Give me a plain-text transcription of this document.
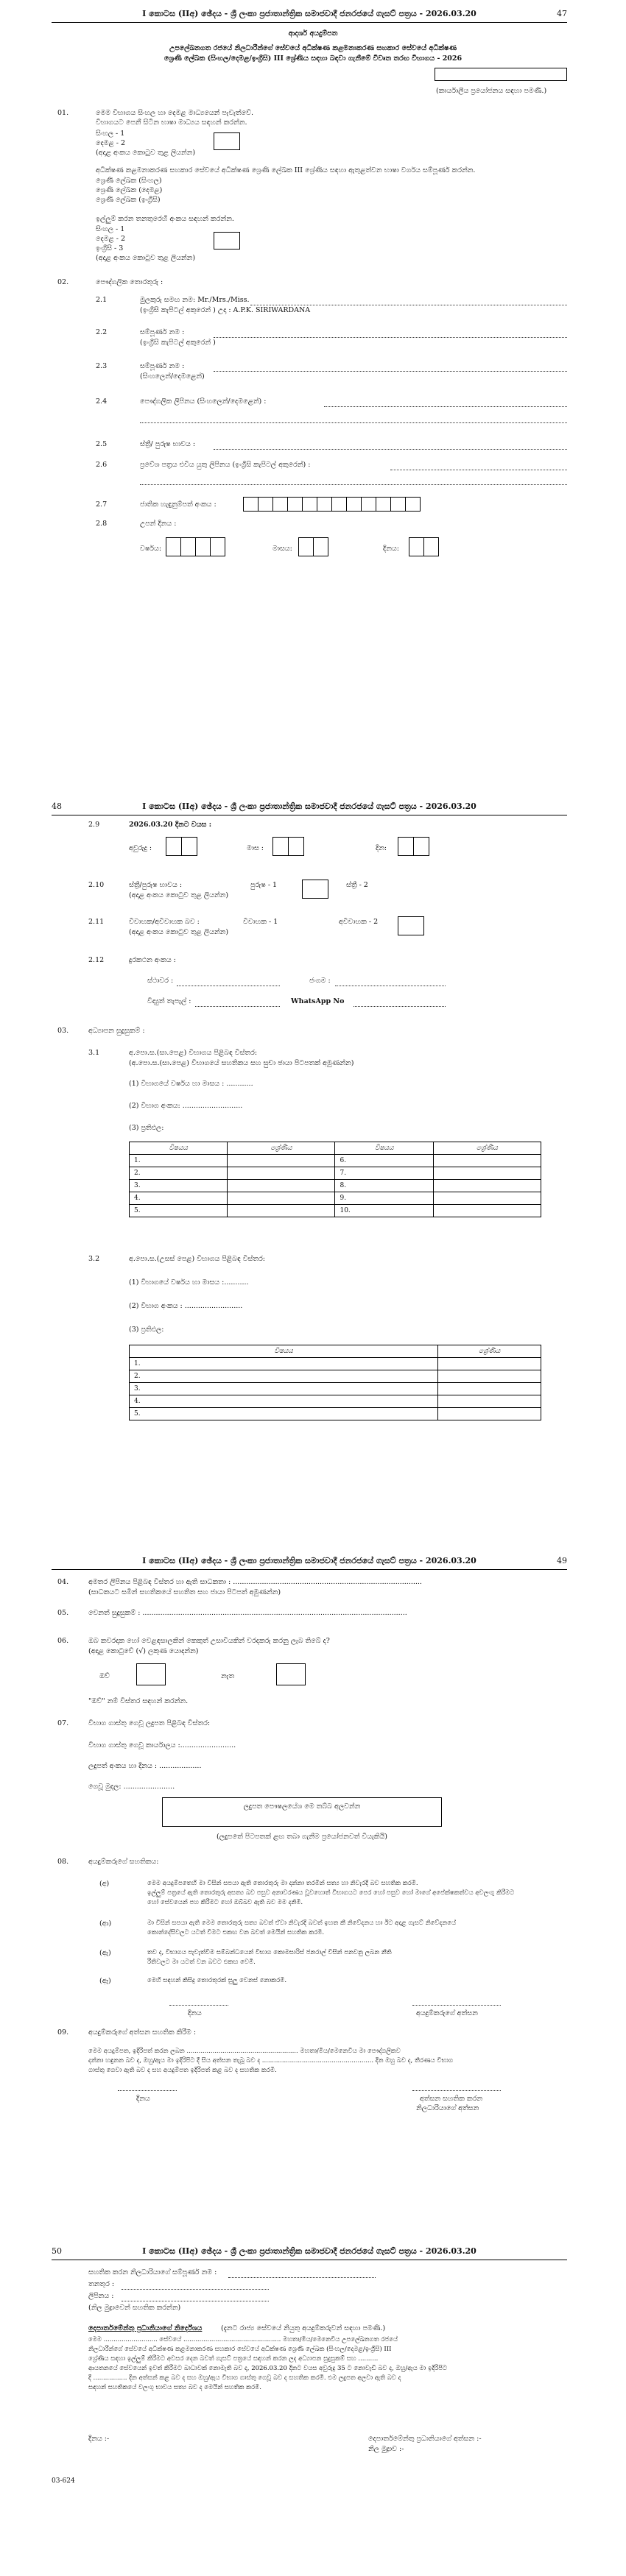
I කොටස (IIඅ) ඡේදය - ශ්‍රී ලංකා ප්‍රජාතාන්ත්‍රික සමාජවාදී ජනරජයේ ගැසට් පත්‍රය - 2026.03.20	47
ආදර්ශ අයදුම්පත
උපලේඛනගත රජයේ නිලධාරීන්ගේ සේවයේ අධීක්ෂණ කළමනාකරණ සහකාර සේවයේ අධීක්ෂණ
ශ්‍රෙණි ලේඛක (සිංහල/දෙමළ/ඉංග්‍රීසි) III ශ්‍රේණිය සඳහා බඳවා ගැනීමේ විවෘත තරඟ විභාගය - 2026
(කාර්යාලීය ප්‍රයෝජනය සඳහා පමණි.)
01.	මෙම විභාගය සිංහල හා දෙමළ මාධ්‍යයෙන් පැවැත්වේ.
විභාගයට පෙනී සිටින භාෂා මාධ්‍යය සඳහන් කරන්න.
සිංහල - 1
දෙමළ - 2
(අදාළ අංකය කොටුව තුළ ලියන්න)
අධීක්ෂණ කළමනාකරණ සහකාර සේවයේ අධීක්ෂණ ශ්‍රෙණි ලේඛක III ශ්‍රේණිය සඳහා ඇතුළත්වන භාෂා වර්ගය සම්පූර්ණ කරන්න.
ශ්‍රෙණි ලේඛක (සිංහල)
ශ්‍රෙණි ලේඛක (දෙමළ)
ශ්‍රෙණි ලේඛක (ඉංග්‍රීසි)
ඉල්ලුම් කරන තනතුරෙහි අංකය සඳහන් කරන්න.
සිංහල - 1
දෙමළ - 2
ඉංග්‍රීසි - 3
(අදාළ අංකය කොටුව තුළ ලියන්න)
02.	පෞද්ගලික තොරතුරු :
2.1	මුලකුරු සමඟ නම: Mr./Mrs./Miss.
(ඉංග්‍රීසි කැපිටල් අකුරෙන් ) උදා : A.P.K. SIRIWARDANA
2.2	සම්පූර්ණ නම :
(ඉංග්‍රීසි කැපිටල් අකුරෙන් )
2.3	සම්පූර්ණ නම :
(සිංහලෙන්/දෙමළෙන්)
2.4	පෞද්ගලික ලිපිනය (සිංහලෙන්/දෙමළෙන්) :
2.5	ස්ත්‍රී/ පුරුෂ භාවය :
2.6	ප්‍රවේශ පත්‍රය එවිය යුතු ලිපිනය (ඉංග්‍රීසි කැපිටල් අකුරෙන්) :
2.7	ජාතික හැඳුනුම්පත් අංකය :
2.8	උපන් දිනය :
වර්ෂය:	මාසය:	දිනය:
48	I කොටස (IIඅ) ඡේදය - ශ්‍රී ලංකා ප්‍රජාතාන්ත්‍රික සමාජවාදී ජනරජයේ ගැසට් පත්‍රය - 2026.03.20
2.9	2026.03.20 දිනට වයස :
අවුරුදු :	මාස :	දින:
2.10	ස්ත්‍රී/පුරුෂ භාවය :	පුරුෂ - 1	ස්ත්‍රී - 2
(අදාළ අංකය කොටුව තුළ ලියන්න)
2.11	විවාහක/අවිවාහක බව :	විවාහක - 1	අවිවාහක - 2
(අදාළ අංකය කොටුව තුළ ලියන්න)
2.12	දුරකථන අංකය :
ස්ථාවර :	ජංගම :
විද්‍යුත් තැපැල් :	WhatsApp No
03.	අධ්‍යාපන සුදුසුකම් :
3.1	අ.පො.ස.(සා.පෙළ) විභාගය පිළිබඳ විස්තර:
(අ.පො.ස.(සා.පෙළ) විභාගයේ සහතිකය සහ සුචා ඡායා පිටපතක් අමුණන්න)
(1) විභාගයේ වර්ෂය හා මාසය : ............
(2) විභාග අංකය: ...........................
(3) ප්‍රතිඵල:
විෂයය	ශ්‍රේණිය	විෂයය	ශ්‍රේණිය
1.		6.	
2.		7.	
3.		8.	
4.		9.	
5.		10.	
3.2	අ.පො.ස.(උසස් පෙළ) විභාගය පිළිබඳ විස්තර:
(1) විභාගයේ වර්ෂය හා මාසය :...........
(2) විභාග අංකය : ..........................
(3) ප්‍රතිඵල:
විෂයය	ශ්‍රේණිය
1.	
2.	
3.	
4.	
5.	
I කොටස (IIඅ) ඡේදය - ශ්‍රී ලංකා ප්‍රජාතාන්ත්‍රික සමාජවාදී ජනරජයේ ගැසට් පත්‍රය - 2026.03.20	49
04.	අමතර ලිපිනය පිළිබඳ විස්තර හා ඇති සාධකතා : .....................................................................................
(සාධකයට සමින් සහතිකයේ සහතිත සහ ජායා පිටපත් අමුණන්න)
05.	වෙනත් සුදුසුකම් : .......................................................................................................................
06.	ඔබ කවරදාක හෝ වෙළඳසාලකින් කෙකුත් උසාවියකින් වරදකරු කරනු ලැබ තිබේ ද?
(අදාළ කොටුවේ (√) ලකුණ යොදන්න)
ඔව්	නැත
"ඔව්" නම් විස්තර සඳහන් කරන්න.
07.	විභාග ගාස්තු ගෙවූ ලදුපත පිළිබඳ විස්තර:
විභාග ගාස්තු ගෙවූ කාර්යාලය :.........................
ලදුපත් අංකය හා දිනය : ...................
ගෙවූ මුදල: .......................
ලදුපත පෞෂලයේශ මෙ තබ්බ අලවන්න
(ලදුපතේ පිටපතක් ළඟ තබා ගැනීම ප්‍රයෝජනවත් වියැකියි)
08.	අයදුම්කරුගේ සහතිකය:
(අ)	මෙම අයදුම්පතෙහි මා විසින් සපයා ඇති තොරතුරු මා දන්නා තරමින් සත්‍ය හා නිවැරදි බව සහතික කරමි.
ඉල්ලුම් පත්‍රයේ ඇති තොරතුරු අසත්‍ය බව පසුව අනාවරණය වූවහොත් විභාගයට පෙර හෝ පසුව හෝ මාගේ අපේක්ෂකත්වය අවලංගු කිරීමට
හෝ සේවයෙන් පහ කිරීමට හෝ ඔබ්බව ඇති බව මම දනිමි.
(ආ)	මා විසින් සපයා ඇති මෙම තොරතුරු සත්‍ය බවත් ඒවා නිවැරදි බවත් ඉහත කී නිවේදනය හා ඊට අදාළ ගැසට් නිවේදනයේ
කොන්දේසිවලට යටත් වීමට එකඟ වන බවත් මෙයින් සහතික කරමි.
(ඇ)	තව ද, විභාගය පැවැත්වීම සම්බන්ධයෙන් විභාග කොමසාරිස් ජනරාල් විසින් පනවනු ලබන නීති
රීතිවලට මා යටත් වන බවට එකඟ වෙමි.
(ඈ)	මෙහි සඳහන් කිසිදු තොරතුරක් සුලු වෙනස් නොකරමි.
දිනය	අයදුම්කරුගේ අත්සන
09.	අයදුම්කරුගේ අත්සන සහතික කිරීම :
මෙම අයදුම්පත, ඉදිරිපත් කරන ලබන ........................................................ මහතා/මිය/මෙනෙවිය මා පෞද්ගලිකව
දන්නා හඳුනන බව ද, ඔහු/ඇය මා ඉදිරිපිට දී සිය අත්සන තැබූ බව ද ........................................................ දින ඔහු බව ද, තීරණය විභාග
ගාස්තු ගෙවා ඇති බව ද සහ අයදුම්පත ඉදිරිපත් කළ බව ද සහතික කරමි.
දිනය	අත්සන සහතික කරන
නිලධාරියාගේ අත්සන
50	I කොටස (IIඅ) ඡේදය - ශ්‍රී ලංකා ප්‍රජාතාන්ත්‍රික සමාජවාදී ජනරජයේ ගැසට් පත්‍රය - 2026.03.20
සහතික කරන නිලධාරියාගේ සම්පූර්ණ නම :
තනතුර :
ලිපිනය :
(නිල මුද්‍රාවෙන් සහතික කරන්න)
දෙපාර්තමේන්තු ප්‍රධානියාගේ නිර්දේශය	(දැනට රාජ්‍ය සේවයේ නියුතු අයදුම්කරුවන් සඳහා පමණි.)
මෙම ........................... සේවයේ ................................................. මහතා/මිය/මෙනෙවිය උපලේඛනගත රජයේ
නිලධාරීන්ගේ සේවයේ අධීක්ෂණ කළමනාකරණ සහකාර සේවයේ අධීක්ෂණ ශ්‍රෙණි ලේඛක (සිංහල/දෙමළ/ඉංග්‍රීසි) III
ශ්‍රේණිය සඳහා ඉල්ලුම් කිරීමට අවසර දෙන බවත් ගැසට් පත්‍රයේ සඳහන් කරන ලද අධ්‍යාපන සුදුසුකම් සහ ..........
ආයතනයේ සේවයෙන් ඉවත් කිරීමට බාධාවක් නොමැති බව ද, 2026.03.20 දිනට වයස අවුරුදු 35 ට නොවැඩි බව ද, ඔහු/ඇය මා ඉදිරිපිට
දී ................. දින අත්සන් කළ බව ද සහ ඔහු/ඇය විභාග ගාස්තු ගෙවූ බව ද සහතික කරමි. එම ලදුපත අලවා ඇති බව ද
සඳහන් සහතිකයේ වලංගු භාවය සත්‍ය බව ද මෙයින් සහතික කරමි.
දිනය :-	දෙපාර්තමේන්තු ප්‍රධානියාගේ අත්සන :-
නිල මුද්‍රාව :-
03-624
